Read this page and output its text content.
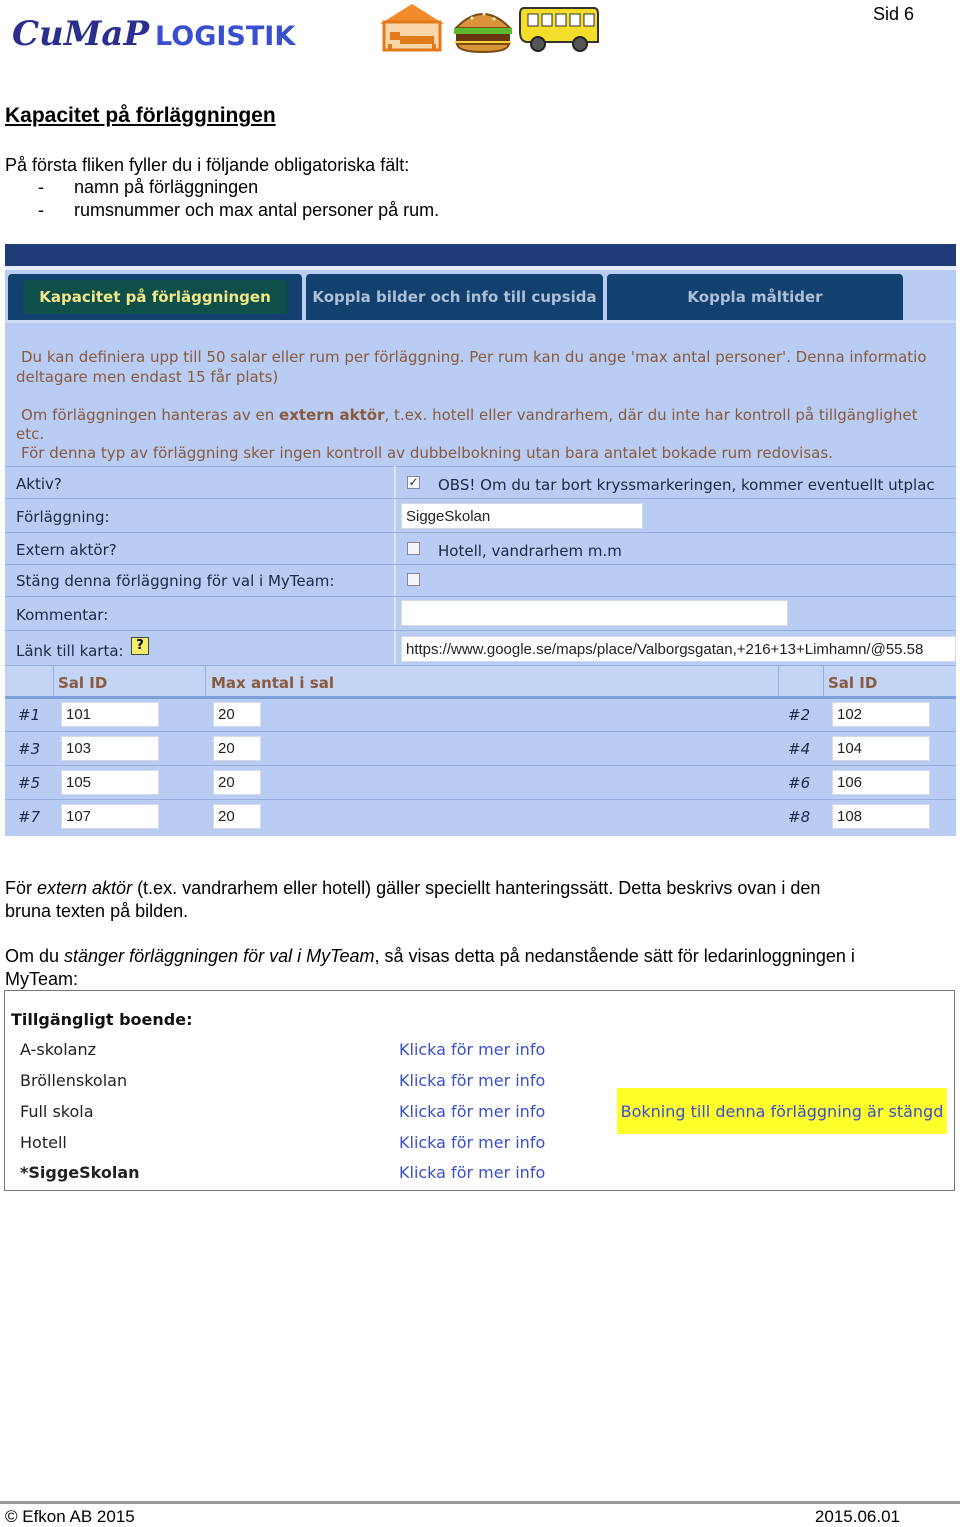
CuMaP LOGISTIK
Sid 6
Kapacitet på förläggningen
På första fliken fyller du i följande obligatoriska fält:
- namn på förläggningen
- rumsnummer och max antal personer på rum.
Kapacitet på förläggningen	Koppla bilder och info till cupsida	Koppla måltider
Du kan definiera upp till 50 salar eller rum per förläggning. Per rum kan du ange 'max antal personer'. Denna informatio
deltagare men endast 15 får plats)
Om förläggningen hanteras av en extern aktör, t.ex. hotell eller vandrarhem, där du inte har kontroll på tillgänglighet
etc.
För denna typ av förläggning sker ingen kontroll av dubbelbokning utan bara antalet bokade rum redovisas.
Aktiv?	✓ OBS! Om du tar bort kryssmarkeringen, kommer eventuellt utplac
Förläggning:	SiggeSkolan
Extern aktör?	Hotell, vandrarhem m.m
Stäng denna förläggning för val i MyTeam:
Kommentar:
Länk till karta: ?	https://www.google.se/maps/place/Valborgsgatan,+216+13+Limhamn/@55.58
Sal ID	Max antal i sal	Sal ID
#1	101	20	#2	102
#3	103	20	#4	104
#5	105	20	#6	106
#7	107	20	#8	108
För extern aktör (t.ex. vandrarhem eller hotell) gäller speciellt hanteringssätt. Detta beskrivs ovan i den
bruna texten på bilden.
Om du stänger förläggningen för val i MyTeam, så visas detta på nedanstående sätt för ledarinloggningen i
MyTeam:
Tillgängligt boende:
A-skolanz	Klicka för mer info
Bröllenskolan	Klicka för mer info
Full skola	Klicka för mer info
Hotell	Klicka för mer info
*SiggeSkolan	Klicka för mer info
Bokning till denna förläggning är stängd
© Efkon AB 2015	2015.06.01
